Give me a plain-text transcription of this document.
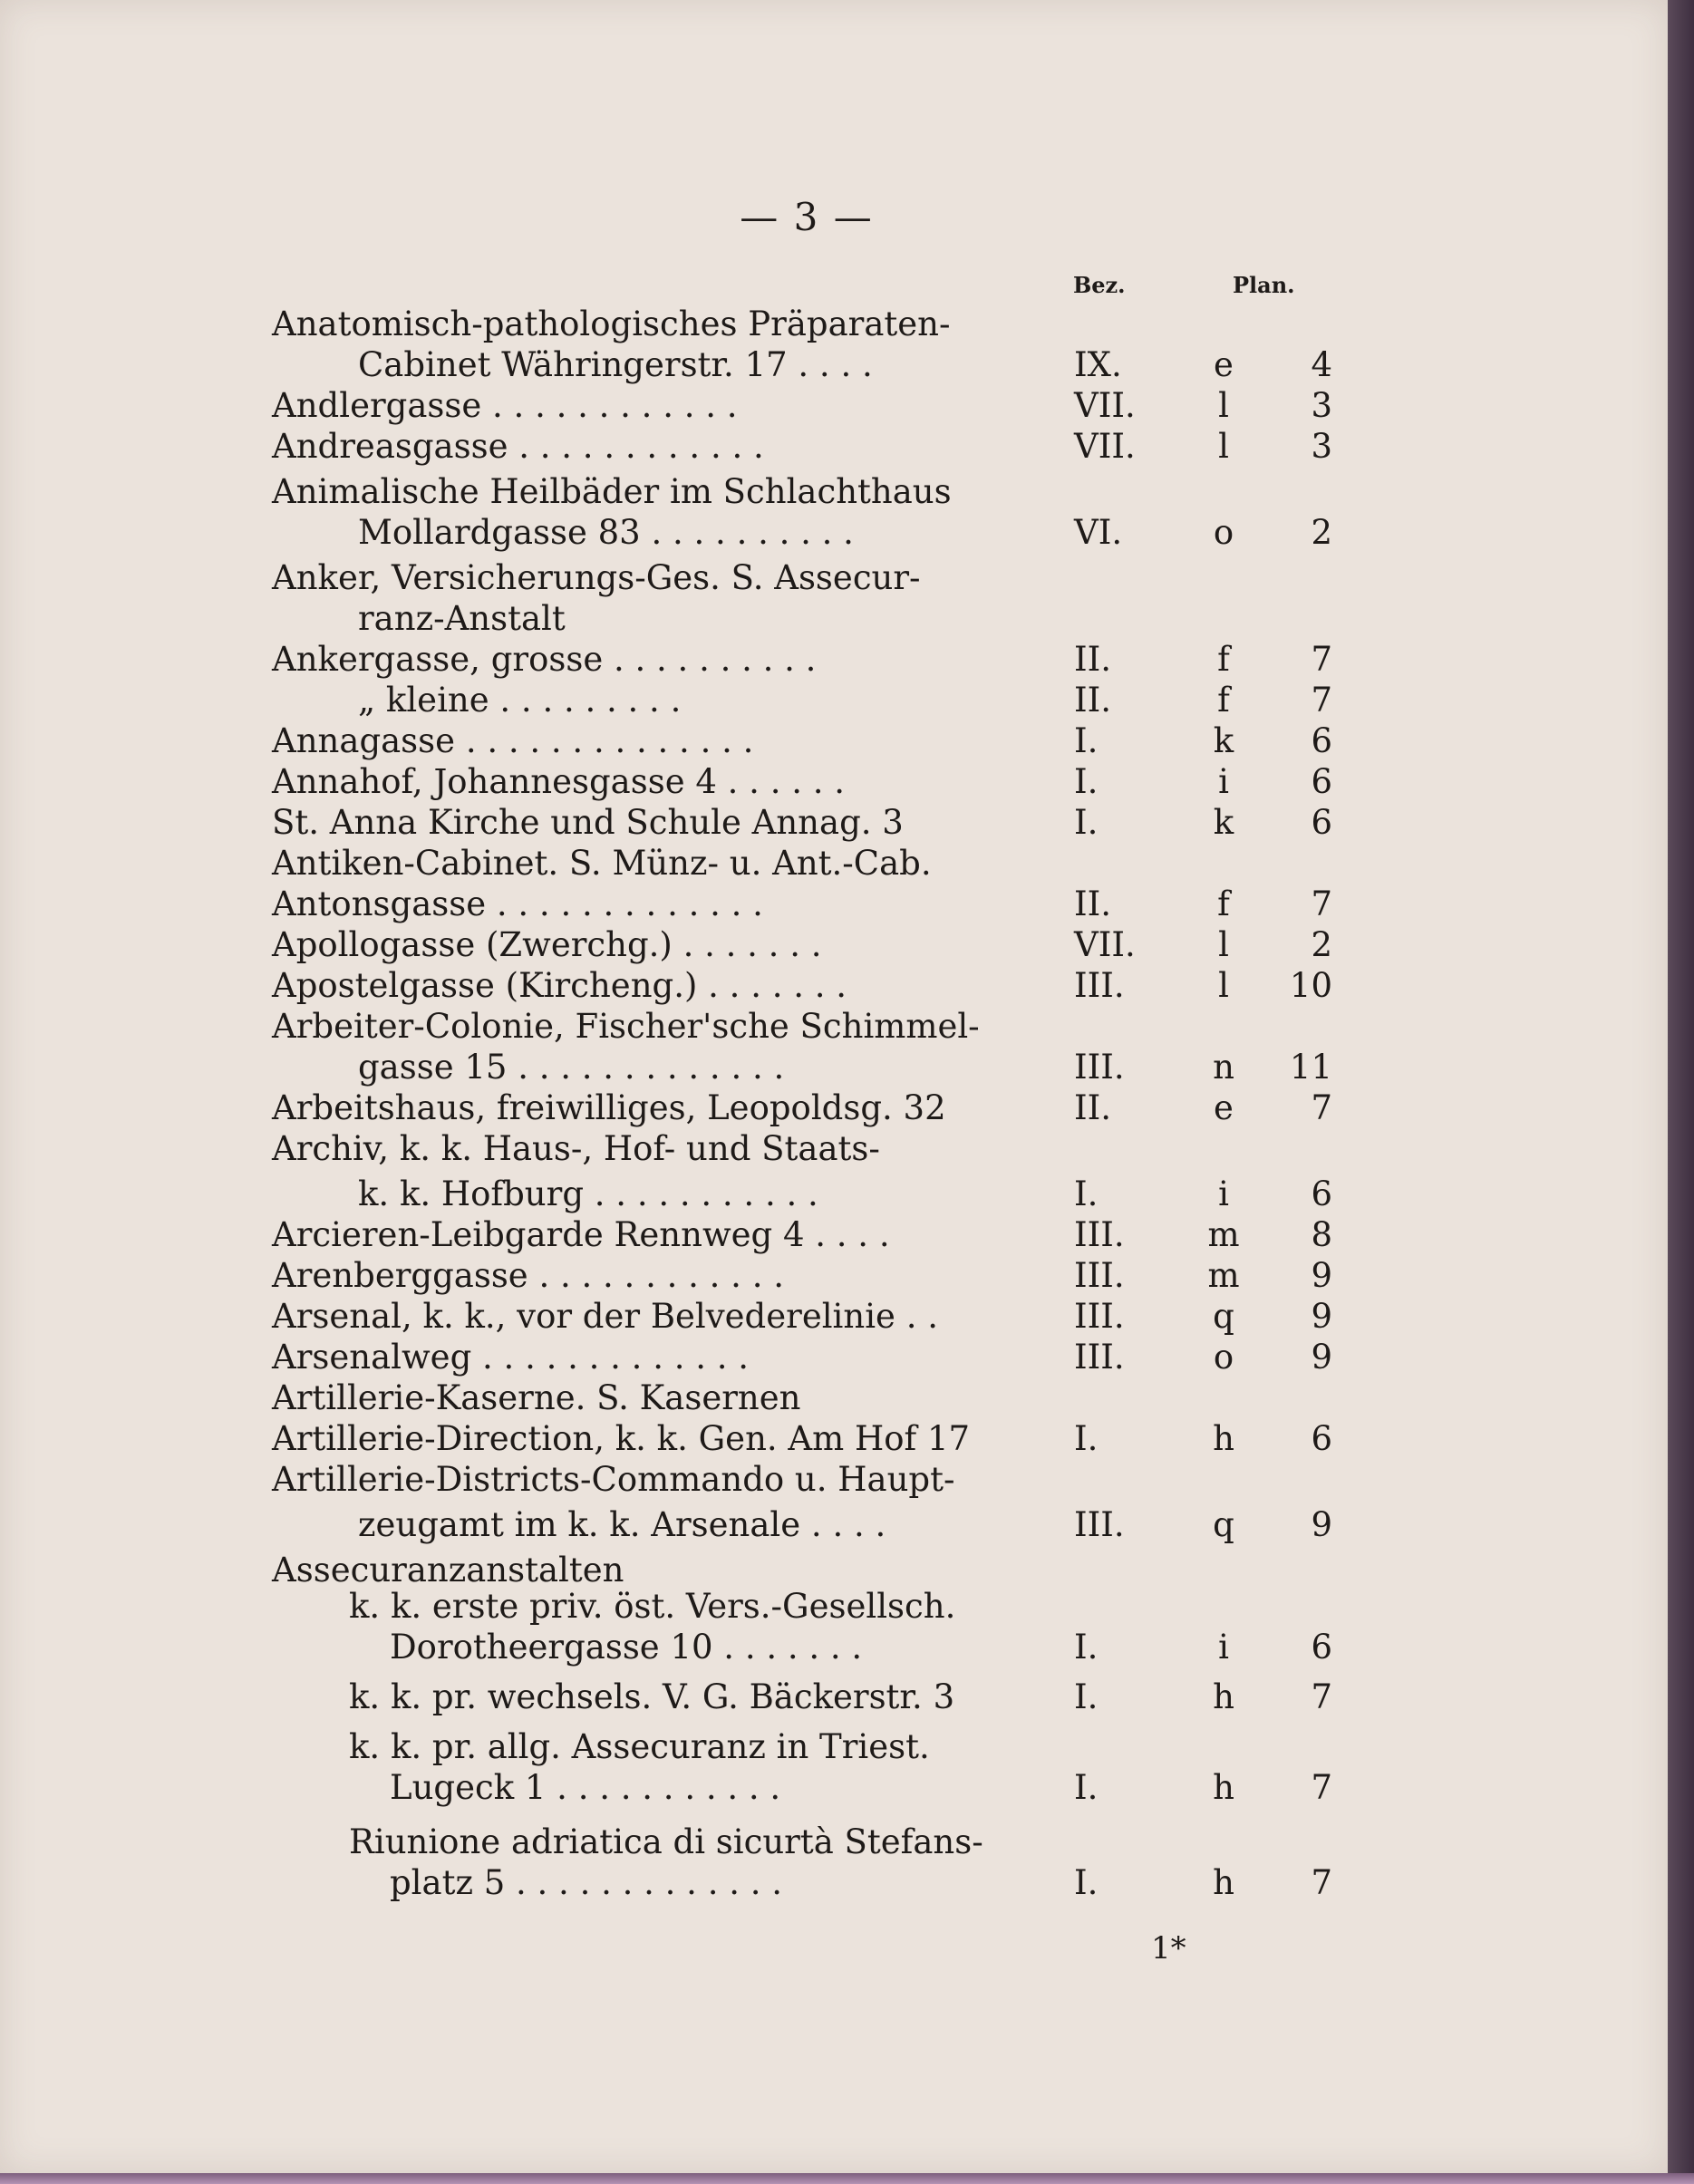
— 3 —
Bez.	Plan.
Anatomisch-pathologisches Präparaten-
Cabinet Währingerstr. 17 . . . .	IX.	e	4
Andlergasse . . . . . . . . . . . .	VII.	l	3
Andreasgasse . . . . . . . . . . . .	VII.	l	3
Animalische Heilbäder im Schlachthaus
Mollardgasse 83 . . . . . . . . . .	VI.	o	2
Anker, Versicherungs-Ges. S. Assecur-
ranz-Anstalt
Ankergasse, grosse . . . . . . . . . .	II.	f	7
„ kleine . . . . . . . . .	II.	f	7
Annagasse . . . . . . . . . . . . . .	I.	k	6
Annahof, Johannesgasse 4 . . . . . .	I.	i	6
St. Anna Kirche und Schule Annag. 3	I.	k	6
Antiken-Cabinet. S. Münz- u. Ant.-Cab.
Antonsgasse . . . . . . . . . . . . .	II.	f	7
Apollogasse (Zwerchg.) . . . . . . .	VII.	l	2
Apostelgasse (Kircheng.) . . . . . . .	III.	l	10
Arbeiter-Colonie, Fischer'sche Schimmel-
gasse 15 . . . . . . . . . . . . .	III.	n	11
Arbeitshaus, freiwilliges, Leopoldsg. 32	II.	e	7
Archiv, k. k. Haus-, Hof- und Staats-
k. k. Hofburg . . . . . . . . . . .	I.	i	6
Arcieren-Leibgarde Rennweg 4 . . . .	III. m	8
Arenberggasse . . . . . . . . . . . .	III. m	9
Arsenal, k. k., vor der Belvederelinie . .	III.	q	9
Arsenalweg . . . . . . . . . . . . .	III.	o	9
Artillerie-Kaserne. S. Kasernen
Artillerie-Direction, k. k. Gen. Am Hof 17	I.	h	6
Artillerie-Districts-Commando u. Haupt-
zeugamt im k. k. Arsenale . . . .	III.	q	9
Assecuranzanstalten
k. k. erste priv. öst. Vers.-Gesellsch.
Dorotheergasse 10 . . . . . . .	I.	i	6
k. k. pr. wechsels. V. G. Bäckerstr. 3	I.	h	7
k. k. pr. allg. Assecuranz in Triest.
Lugeck 1 . . . . . . . . . . .	I.	h	7
Riunione adriatica di sicurtà Stefans-
platz 5 . . . . . . . . . . . . .	I.	h	7
1*
